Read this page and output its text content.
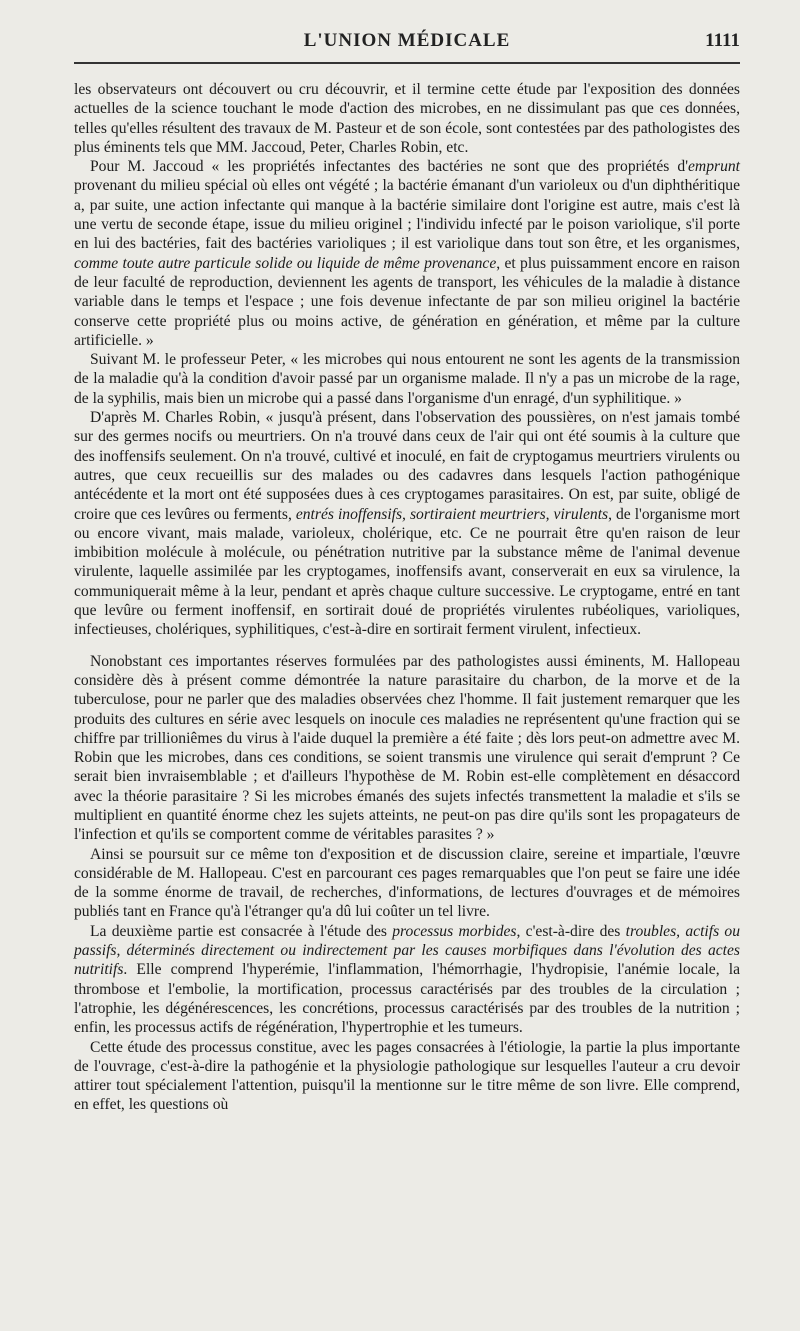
L'UNION MÉDICALE	1111

les observateurs ont découvert ou cru découvrir, et il termine cette étude par l'exposition des données actuelles de la science touchant le mode d'action des microbes, en ne dissimulant pas que ces données, telles qu'elles résultent des travaux de M. Pasteur et de son école, sont contestées par des pathologistes des plus éminents tels que MM. Jaccoud, Peter, Charles Robin, etc.

Pour M. Jaccoud « les propriétés infectantes des bactéries ne sont que des propriétés d'emprunt provenant du milieu spécial où elles ont végété ; la bactérie émanant d'un varioleux ou d'un diphthéritique a, par suite, une action infectante qui manque à la bactérie similaire dont l'origine est autre, mais c'est là une vertu de seconde étape, issue du milieu originel ; l'individu infecté par le poison variolique, s'il porte en lui des bactéries, fait des bactéries varioliques ; il est variolique dans tout son être, et les organismes, comme toute autre particule solide ou liquide de même provenance, et plus puissamment encore en raison de leur faculté de reproduction, deviennent les agents de transport, les véhicules de la maladie à distance variable dans le temps et l'espace ; une fois devenue infectante de par son milieu originel la bactérie conserve cette propriété plus ou moins active, de génération en génération, et même par la culture artificielle. »

Suivant M. le professeur Peter, « les microbes qui nous entourent ne sont les agents de la transmission de la maladie qu'à la condition d'avoir passé par un organisme malade. Il n'y a pas un microbe de la rage, de la syphilis, mais bien un microbe qui a passé dans l'organisme d'un enragé, d'un syphilitique. »

D'après M. Charles Robin, « jusqu'à présent, dans l'observation des poussières, on n'est jamais tombé sur des germes nocifs ou meurtriers. On n'a trouvé dans ceux de l'air qui ont été soumis à la culture que des inoffensifs seulement. On n'a trouvé, cultivé et inoculé, en fait de cryptogamus meurtriers virulents ou autres, que ceux recueillis sur des malades ou des cadavres dans lesquels l'action pathogénique antécédente et la mort ont été supposées dues à ces cryptogames parasitaires. On est, par suite, obligé de croire que ces levûres ou ferments, entrés inoffensifs, sortiraient meurtriers, virulents, de l'organisme mort ou encore vivant, mais malade, varioleux, cholérique, etc. Ce ne pourrait être qu'en raison de leur imbibition molécule à molécule, ou pénétration nutritive par la substance même de l'animal devenue virulente, laquelle assimilée par les cryptogames, inoffensifs avant, conserverait en eux sa virulence, la communiquerait même à la leur, pendant et après chaque culture successive. Le cryptogame, entré en tant que levûre ou ferment inoffensif, en sortirait doué de propriétés virulentes rubéoliques, varioliques, infectieuses, cholériques, syphilitiques, c'est-à-dire en sortirait ferment virulent, infectieux.

Nonobstant ces importantes réserves formulées par des pathologistes aussi éminents, M. Hallopeau considère dès à présent comme démontrée la nature parasitaire du charbon, de la morve et de la tuberculose, pour ne parler que des maladies observées chez l'homme. Il fait justement remarquer que les produits des cultures en série avec lesquels on inocule ces maladies ne représentent qu'une fraction qui se chiffre par trillioniêmes du virus à l'aide duquel la première a été faite ; dès lors peut-on admettre avec M. Robin que les microbes, dans ces conditions, se soient transmis une virulence qui serait d'emprunt ? Ce serait bien invraisemblable ; et d'ailleurs l'hypothèse de M. Robin est-elle complètement en désaccord avec la théorie parasitaire ? Si les microbes émanés des sujets infectés transmettent la maladie et s'ils se multiplient en quantité énorme chez les sujets atteints, ne peut-on pas dire qu'ils sont les propagateurs de l'infection et qu'ils se comportent comme de véritables parasites ? »

Ainsi se poursuit sur ce même ton d'exposition et de discussion claire, sereine et impartiale, l'œuvre considérable de M. Hallopeau. C'est en parcourant ces pages remarquables que l'on peut se faire une idée de la somme énorme de travail, de recherches, d'informations, de lectures d'ouvrages et de mémoires publiés tant en France qu'à l'étranger qu'a dû lui coûter un tel livre.

La deuxième partie est consacrée à l'étude des processus morbides, c'est-à-dire des troubles, actifs ou passifs, déterminés directement ou indirectement par les causes morbifiques dans l'évolution des actes nutritifs. Elle comprend l'hyperémie, l'inflammation, l'hémorrhagie, l'hydropisie, l'anémie locale, la thrombose et l'embolie, la mortification, processus caractérisés par des troubles de la circulation ; l'atrophie, les dégénérescences, les concrétions, processus caractérisés par des troubles de la nutrition ; enfin, les processus actifs de régénération, l'hypertrophie et les tumeurs.

Cette étude des processus constitue, avec les pages consacrées à l'étiologie, la partie la plus importante de l'ouvrage, c'est-à-dire la pathogénie et la physiologie pathologique sur lesquelles l'auteur a cru devoir attirer tout spécialement l'attention, puisqu'il la mentionne sur le titre même de son livre. Elle comprend, en effet, les questions où
